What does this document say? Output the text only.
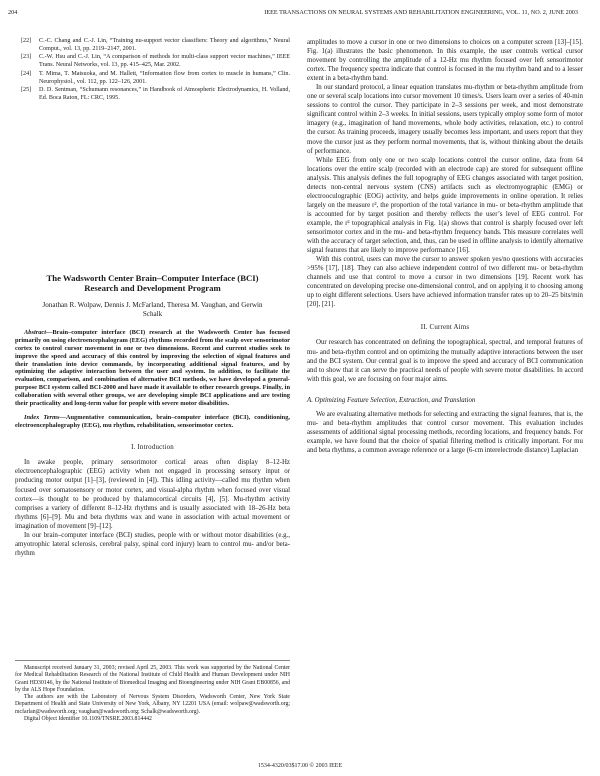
204	IEEE TRANSACTIONS ON NEURAL SYSTEMS AND REHABILITATION ENGINEERING, VOL. 11, NO. 2, JUNE 2003
[22] C.-C. Chang and C.-J. Lin, “Training nu-support vector classifiers: Theory and algorithms,” Neural Comput., vol. 13, pp. 2119–2147, 2001.
[23] C.-W. Hsu and C.-J. Lin, “A comparison of methods for multi-class support vector machines,” IEEE Trans. Neural Networks, vol. 13, pp. 415–425, Mar. 2002.
[24] T. Mima, T. Matsuoka, and M. Hallett, “Information flow from cortex to muscle in humans,” Clin. Neurophysiol., vol. 112, pp. 122–126, 2001.
[25] D. D. Sentman, “Schumann resonances,” in Handbook of Atmospheric Electrodynamics, H. Volland, Ed. Boca Raton, FL: CRC, 1995.
The Wadsworth Center Brain–Computer Interface (BCI) Research and Development Program
Jonathan R. Wolpaw, Dennis J. McFarland, Theresa M. Vaughan, and Gerwin Schalk

Abstract—Brain–computer interface (BCI) research at the Wadsworth Center has focused primarily on using electroencephalogram (EEG) rhythms recorded from the scalp over sensorimotor cortex to control cursor movement in one or two dimensions. Recent and current studies seek to improve the speed and accuracy of this control by improving the selection of signal features and their translation into device commands, by incorporating additional signal features, and by optimizing the adaptive interaction between the user and system. In addition, to facilitate the evaluation, comparison, and combination of alternative BCI methods, we have developed a general-purpose BCI system called BCI-2000 and have made it available to other research groups. Finally, in collaboration with several other groups, we are developing simple BCI applications and are testing their practicality and long-term value for people with severe motor disabilities.

Index Terms—Augmentative communication, brain–computer interface (BCI), conditioning, electroencephalography (EEG), mu rhythm, rehabilitation, sensorimotor cortex.

I. Introduction

In awake people, primary sensorimotor cortical areas often display 8–12-Hz electroencephalographic (EEG) activity when not engaged in processing sensory input or producing motor output [1]–[3], (reviewed in [4]). This idling activity—called mu rhythm when focused over somatosensory or motor cortex, and visual-alpha rhythm when focused over visual cortex—is thought to be produced by thalamocortical circuits [4], [5]. Mu-rhythm activity comprises a variety of different 8–12-Hz rhythms and is usually associated with 18–26-Hz beta rhythms [6]–[9]. Mu and beta rhythms wax and wane in association with actual movement or imagination of movement [9]–[12].

In our brain–computer interface (BCI) studies, people with or without motor disabilities (e.g., amyotrophic lateral sclerosis, cerebral palsy, spinal cord injury) learn to control mu- and/or beta-rhythm

Manuscript received January 31, 2003; revised April 25, 2003. This work was supported by the National Center for Medical Rehabilitation Research of the National Institute of Child Health and Human Development under NIH Grant HD30146, by the National Institute of Biomedical Imaging and Bioengineering under NIH Grant EB00856, and by the ALS Hope Foundation.

The authors are with the Laboratory of Nervous System Disorders, Wadsworth Center, New York State Department of Health and State University of New York, Albany, NY 12201 USA (email: wolpaw@wadsworth.org; mcfarlan@wadsworth.org; vaughan@wadsworth.org; Schalk@wadsworth.org).

Digital Object Identifier 10.1109/TNSRE.2003.814442

amplitudes to move a cursor in one or two dimensions to choices on a computer screen [13]–[15]. Fig. 1(a) illustrates the basic phenomenon. In this example, the user controls vertical cursor movement by controlling the amplitude of a 12-Hz mu rhythm focused over left sensorimotor cortex. The frequency spectra indicate that control is focused in the mu rhythm band and to a lesser extent in a beta-rhythm band.

In our standard protocol, a linear equation translates mu-rhythm or beta-rhythm amplitude from one or several scalp locations into cursor movement 10 times/s. Users learn over a series of 40-min sessions to control the cursor. They participate in 2–3 sessions per week, and most demonstrate significant control within 2–3 weeks. In initial sessions, users typically employ some form of motor imagery (e.g., imagination of hand movements, whole body activities, relaxation, etc.) to control the cursor. As training proceeds, imagery usually becomes less important, and users report that they move the cursor just as they perform normal movements, that is, without thinking about the details of performance.

While EEG from only one or two scalp locations control the cursor online, data from 64 locations over the entire scalp (recorded with an electrode cap) are stored for subsequent offline analysis. This analysis defines the full topography of EEG changes associated with target position, detects non-central nervous system (CNS) artifacts such as electromyographic (EMG) or electrooculographic (EOG) activity, and helps guide improvements in online operation. It relies largely on the measure r², the proportion of the total variance in mu- or beta-rhythm amplitude that is accounted for by target position and thereby reflects the user’s level of EEG control. For example, the r² topographical analysis in Fig. 1(a) shows that control is sharply focused over left sensorimotor cortex and in the mu- and beta-rhythm frequency bands. This measure correlates well with the accuracy of target selection, and, thus, can be used in offline analysis to identify alternative signal features that are likely to improve performance [16].

With this control, users can move the cursor to answer spoken yes/no questions with accuracies >95% [17], [18]. They can also achieve independent control of two different mu- or beta-rhythm channels and use that control to move a cursor in two dimensions [19]. Recent work has concentrated on developing precise one-dimensional control, and on applying it to choosing among up to eight different selections. Users have achieved information transfer rates up to 20–25 bits/min [20], [21].

II. Current Aims

Our research has concentrated on defining the topographical, spectral, and temporal features of mu- and beta-rhythm control and on optimizing the mutually adaptive interactions between the user and the BCI system. Our central goal is to improve the speed and accuracy of BCI communication and to show that it can serve the practical needs of people with severe motor disabilities. In accord with this goal, we are focusing on four major aims.

A. Optimizing Feature Selection, Extraction, and Translation

We are evaluating alternative methods for selecting and extracting the signal features, that is, the mu- and beta-rhythm amplitudes that control cursor movement. This evaluation includes assessments of additional signal processing methods, recording locations, and frequency bands. For example, we have found that the choice of spatial filtering method is critically important. For mu and beta rhythms, a common average reference or a large (6-cm interelectrode distance) Laplacian

1534-4320/03$17.00 © 2003 IEEE
